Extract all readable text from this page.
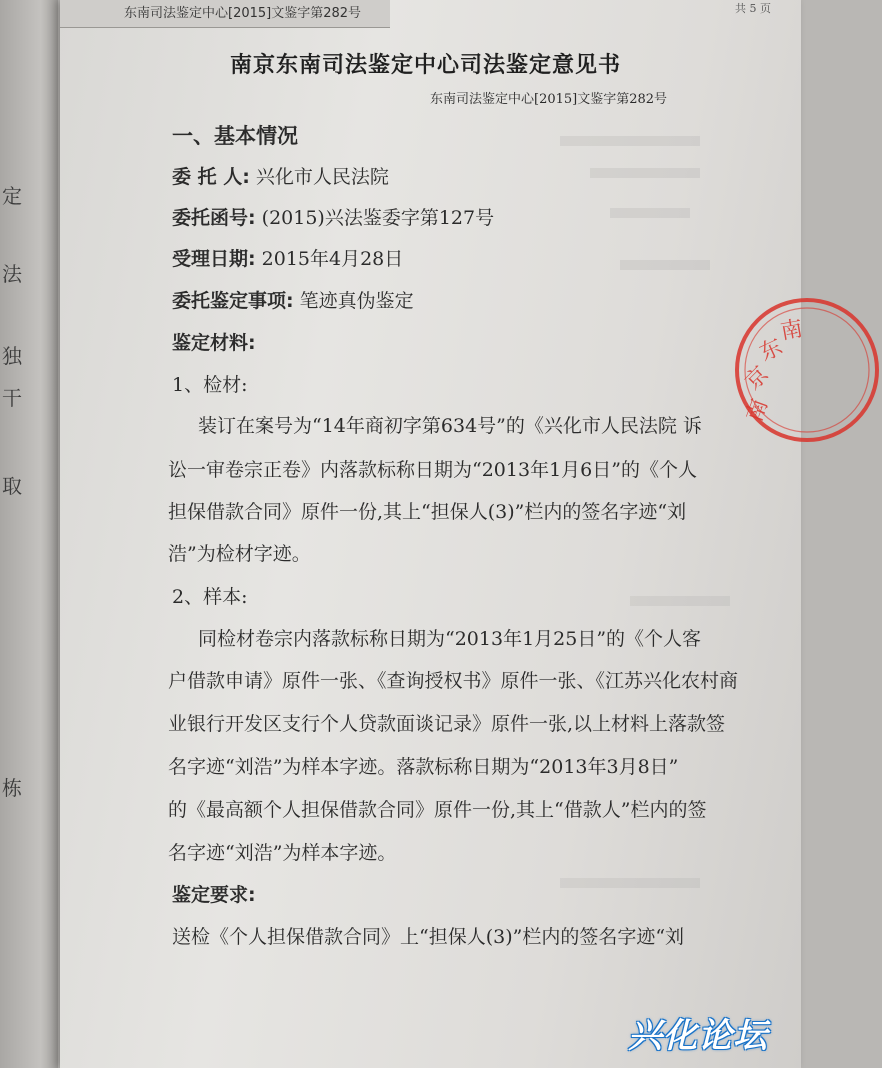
定
法
独
干
取
栋
东南司法鉴定中心[2015]文鉴字第282号	共 5 页
南京东南司法鉴定中心司法鉴定意见书
东南司法鉴定中心[2015]文鉴字第282号
一、基本情况
委 托 人: 兴化市人民法院
委托函号: (2015)兴法鉴委字第127号
受理日期: 2015年4月28日
委托鉴定事项: 笔迹真伪鉴定
鉴定材料:
1、检材:
装订在案号为“14年商初字第634号”的《兴化市人民法院 诉
讼一审卷宗正卷》内落款标称日期为“2013年1月6日”的《个人
担保借款合同》原件一份,其上“担保人(3)”栏内的签名字迹“刘
浩”为检材字迹。
2、样本:
同检材卷宗内落款标称日期为“2013年1月25日”的《个人客
户借款申请》原件一张、《查询授权书》原件一张、《江苏兴化农村商
业银行开发区支行个人贷款面谈记录》原件一张,以上材料上落款签
名字迹“刘浩”为样本字迹。落款标称日期为“2013年3月8日”
的《最高额个人担保借款合同》原件一份,其上“借款人”栏内的签
名字迹“刘浩”为样本字迹。
鉴定要求:
送检《个人担保借款合同》上“担保人(3)”栏内的签名字迹“刘
南
京
东
南
兴化论坛
